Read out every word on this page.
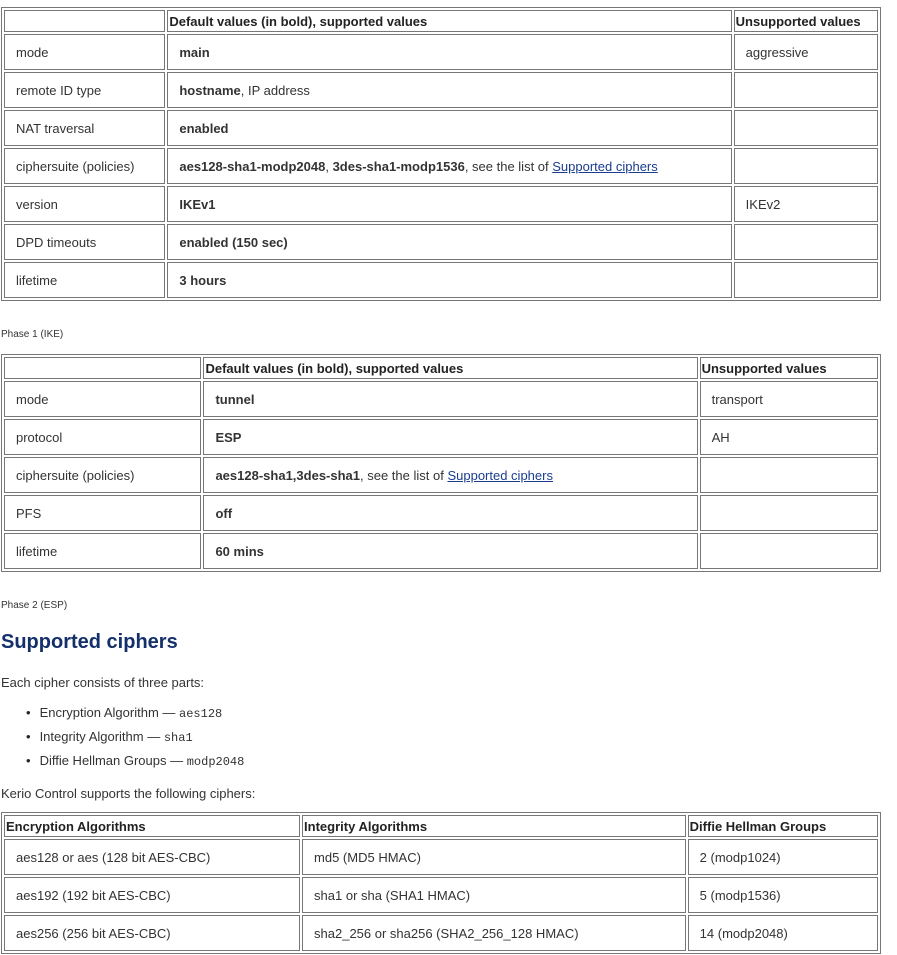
	Default values (in bold), supported values	Unsupported values
mode	main	aggressive
remote ID type	hostname, IP address	
NAT traversal	enabled	
ciphersuite (policies)	aes128-sha1-modp2048, 3des-sha1-modp1536, see the list of Supported ciphers	
version	IKEv1	IKEv2
DPD timeouts	enabled (150 sec)	
lifetime	3 hours	
Phase 1 (IKE)
	Default values (in bold), supported values	Unsupported values
mode	tunnel	transport
protocol	ESP	AH
ciphersuite (policies)	aes128-sha1,3des-sha1, see the list of Supported ciphers	
PFS	off	
lifetime	60 mins	
Phase 2 (ESP)
Supported ciphers

Each cipher consists of three parts:

• Encryption Algorithm — aes128
• Integrity Algorithm — sha1
• Diffie Hellman Groups — modp2048

Kerio Control supports the following ciphers:

Encryption Algorithms	Integrity Algorithms	Diffie Hellman Groups
aes128 or aes (128 bit AES-CBC)	md5 (MD5 HMAC)	2 (modp1024)
aes192 (192 bit AES-CBC)	sha1 or sha (SHA1 HMAC)	5 (modp1536)
aes256 (256 bit AES-CBC)	sha2_256 or sha256 (SHA2_256_128 HMAC)	14 (modp2048)
